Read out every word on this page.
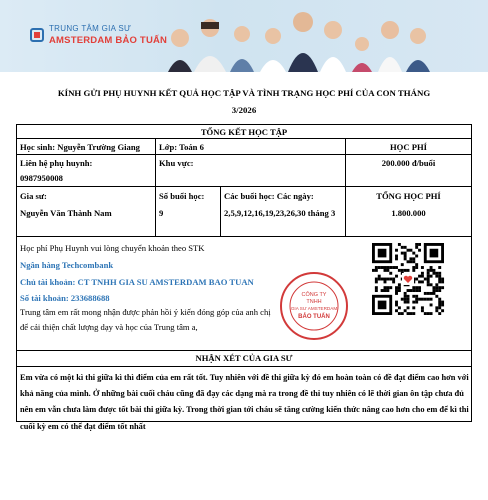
TRUNG TÂM GIA SƯ
AMSTERDAM BẢO TUẤN
KÍNH GỬI PHỤ HUYNH KẾT QUẢ HỌC TẬP VÀ TÌNH TRẠNG HỌC PHÍ CỦA CON THÁNG
3/2026
TỔNG KẾT HỌC TẬP
Học sinh: Nguyễn Trường Giang Lớp: Toán 6	HỌC PHÍ
Liên hệ phụ huynh:
0987950008
Khu vực:	200.000 đ/buổi
Gia sư:
Nguyễn Văn Thành Nam
Số buổi học:
9
Các buổi học: Các ngày:
2,5,9,12,16,19,23,26,30 tháng 3
TỔNG HỌC PHÍ
1.800.000
Học phí Phụ Huynh vui lòng chuyển khoản theo STK
Ngân hàng Techcombank
Chủ tài khoản: CT TNHH GIA SU AMSTERDAM BAO TUAN
Số tài khoản: 233688688
Trung tâm em rất mong nhận được phản hồi ý kiến đóng góp của anh chị
để cải thiện chất lượng dạy và học của Trung tâm a,
CÔNG TY
TNHH
GIA SƯ AMSTERDAM
BẢO TUẤN
NHẬN XÉT CỦA GIA SƯ
Em vừa có một kì thi giữa kì thì điểm của em rất tốt. Tuy nhiên với đề thi giữa kỳ đó em hoàn toàn có đề đạt điểm cao hơn với khả năng của mình. Ở những bài cuối cháu cũng đã đạy các dạng mà ra trong đề thi tuy nhiên có lẽ thời gian ôn tập chưa đủ nên em vẫn chưa làm được tốt bài thi giữa kỳ. Trong thời gian tới cháu sẽ tăng cường kiến thức nâng cao hơn cho em để kì thi cuối kỳ em có thể đạt điểm tốt nhất
